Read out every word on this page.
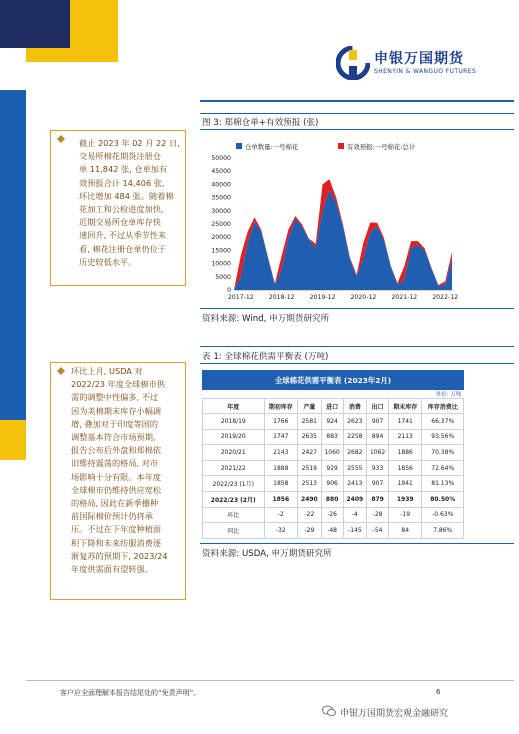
申银万国期货
SHENYIN & WANGUO FUTURES
截止 2023 年 02 月 22 日,
交易所棉花期货注册仓
单 11,842 张, 仓单加有
效预报合计 14,406 张,
环比增加 484 张。随着棉
花加工和公检进度加快,
近期交易所仓单库存快
速回升, 不过从季节性来
看, 棉花注册仓单仍位于
历史较低水平。
图 3: 郑棉仓单+有效预报 (张)
仓单数量:一号棉花	有效预报:一号棉花:总计
50000
45000
40000
35000
30000
25000
20000
15000
10000
5000
0
2017-12 2018-12 2019-12 2020-12 2021-12 2022-12
资料来源: Wind, 申万期货研究所
环比上月, USDA 对
2022/23 年度全球棉市供
需的调整中性偏多, 不过
因为美棉期末库存小幅调
增, 叠加对于印度等国的
调整基本符合市场预期,
报告公布后外盘和郑棉依
旧维持震荡的格局, 对市
场影响十分有限。本年度
全球棉市仍维持供应宽松
的格局, 因此在新季播种
前国际棉价预计仍将承
压。不过在下年度种植面
积下降和未来纺服消费逐
渐复苏的预期下, 2023/24
年度供需面有望转强。
表 1: 全球棉花供需平衡表 (万吨)
全球棉花供需平衡表 (2023年2月)							
单位: 万吨							
年度	期初库存	产量	进口	消费	出口	期末库存	库存消费比
2018/19	1766	2581	924	2623	907	1741	66.37%
2019/20	1747	2635	883	2258	894	2113	93.56%
2020/21	2143	2427	1060	2682	1062	1886	70.38%
2021/22	1888	2519	929	2555	933	1856	72.64%
2022/23 (1月)	1858	2513	906	2413	907	1941	81.13%
2022/23 (2月)	1856	2490	880	2409	879	1939	80.50%
环比	-2	-22	-26	-4	-28	-19	-0.63%
同比	-32	-29	-48	-145	-54	84	7.86%
资料来源: USDA, 申万期货研究所
客户应全面理解本报告结尾处的“免责声明”。	6
申银万国期货宏观金融研究
